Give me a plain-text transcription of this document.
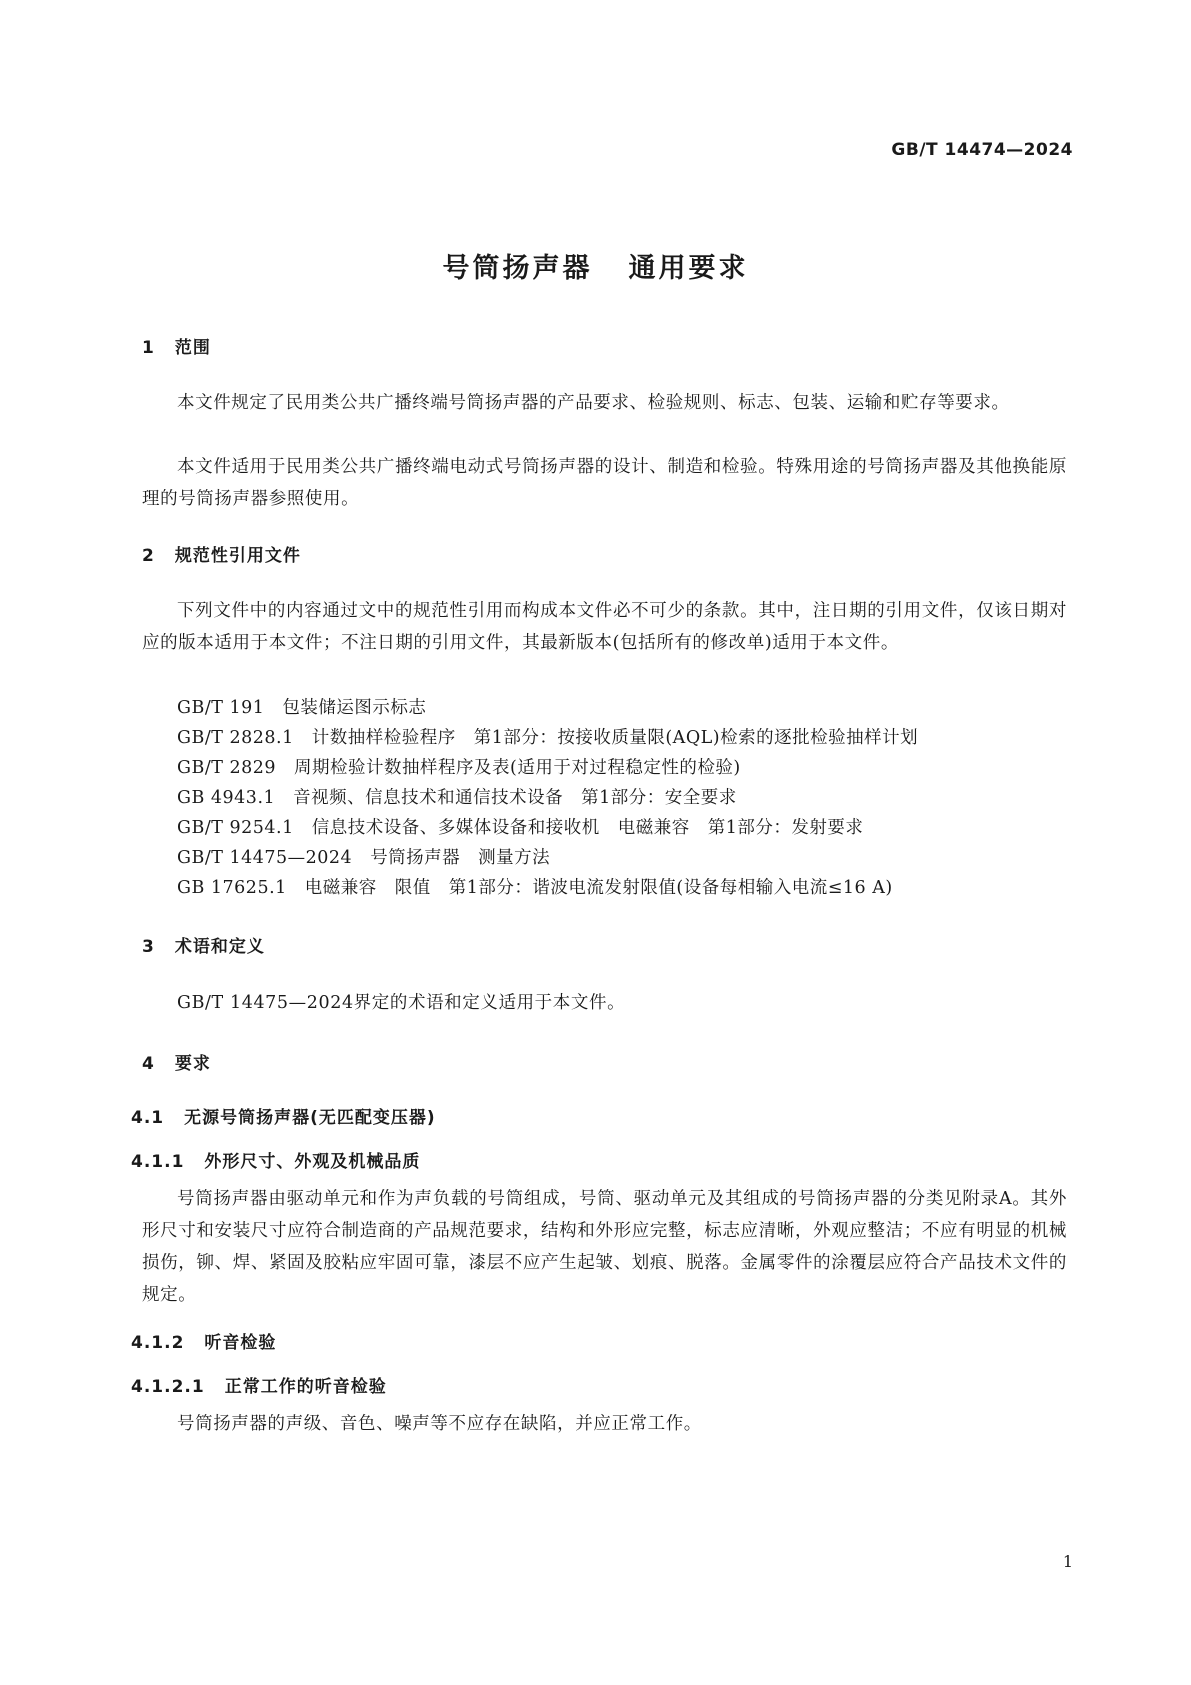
GB/T 14474—2024
号筒扬声器 通用要求
1 范围

本文件规定了民用类公共广播终端号筒扬声器的产品要求、检验规则、标志、包装、运输和贮存等要求。

本文件适用于民用类公共广播终端电动式号筒扬声器的设计、制造和检验。特殊用途的号筒扬声器及其他换能原理的号筒扬声器参照使用。

2 规范性引用文件

下列文件中的内容通过文中的规范性引用而构成本文件必不可少的条款。其中，注日期的引用文件，仅该日期对应的版本适用于本文件；不注日期的引用文件，其最新版本(包括所有的修改单)适用于本文件。

GB/T 191 包装储运图示标志
GB/T 2828.1 计数抽样检验程序　第1部分：按接收质量限(AQL)检索的逐批检验抽样计划
GB/T 2829 周期检验计数抽样程序及表(适用于对过程稳定性的检验)
GB 4943.1 音视频、信息技术和通信技术设备　第1部分：安全要求
GB/T 9254.1 信息技术设备、多媒体设备和接收机　电磁兼容　第1部分：发射要求
GB/T 14475—2024 号筒扬声器　测量方法
GB 17625.1 电磁兼容　限值　第1部分：谐波电流发射限值(设备每相输入电流≤16 A)
3 术语和定义

GB/T 14475—2024界定的术语和定义适用于本文件。

4 要求
4.1 无源号筒扬声器(无匹配变压器)
4.1.1 外形尺寸、外观及机械品质

号筒扬声器由驱动单元和作为声负载的号筒组成，号筒、驱动单元及其组成的号筒扬声器的分类见附录A。其外形尺寸和安装尺寸应符合制造商的产品规范要求，结构和外形应完整，标志应清晰，外观应整洁；不应有明显的机械损伤，铆、焊、紧固及胶粘应牢固可靠，漆层不应产生起皱、划痕、脱落。金属零件的涂覆层应符合产品技术文件的规定。

4.1.2 听音检验
4.1.2.1 正常工作的听音检验

号筒扬声器的声级、音色、噪声等不应存在缺陷，并应正常工作。

1
